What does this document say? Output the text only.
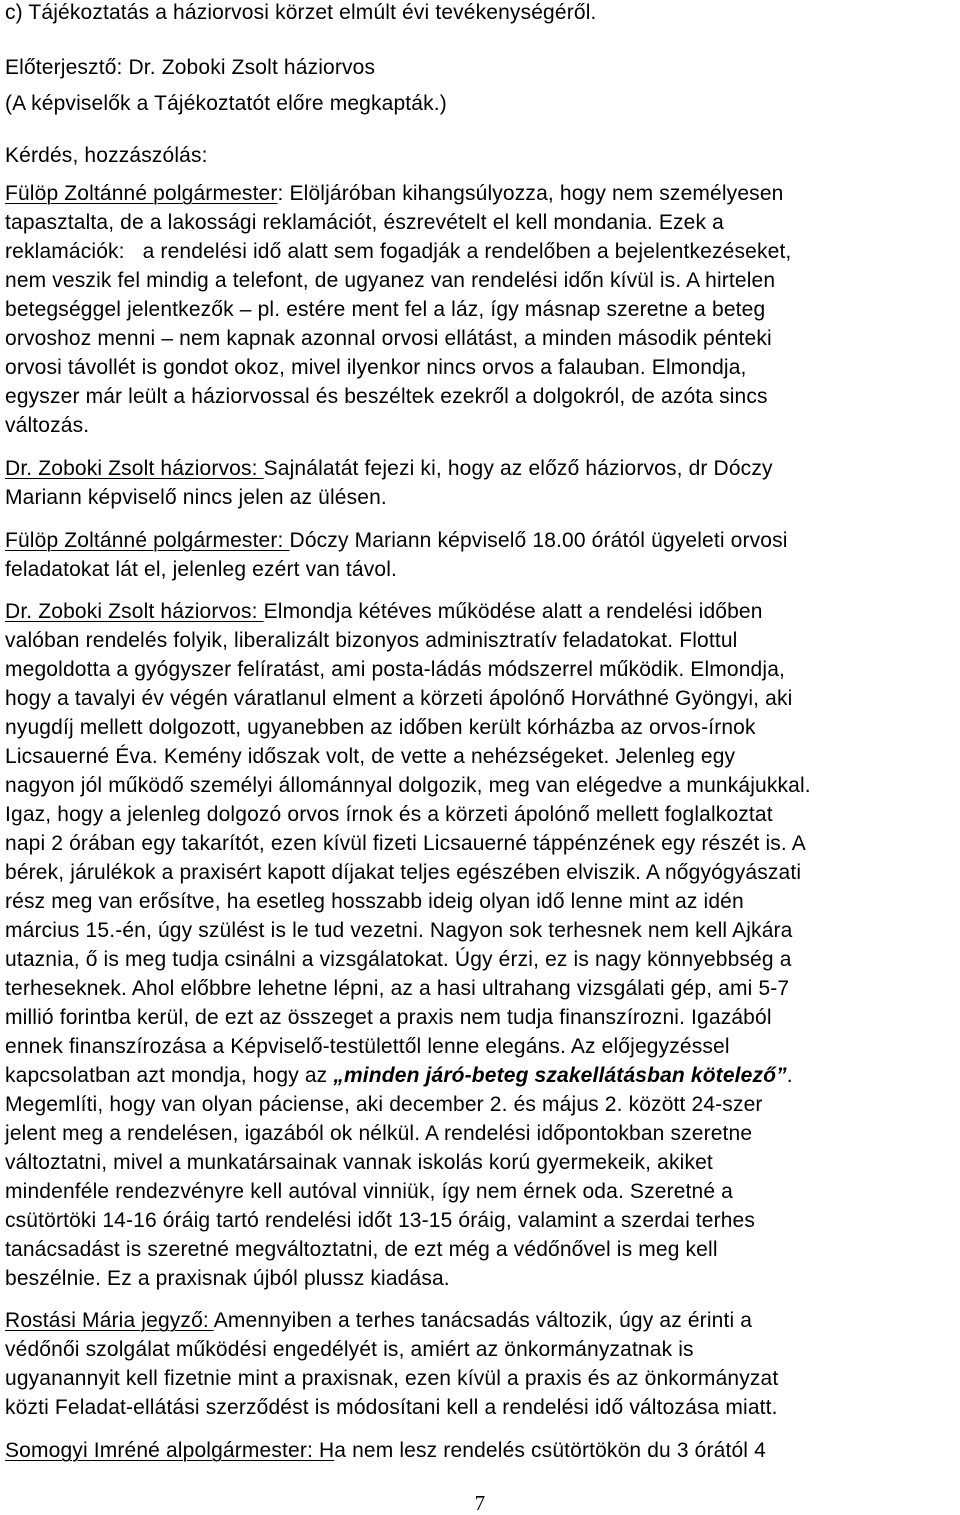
c) Tájékoztatás a háziorvosi körzet elmúlt évi tevékenységéről.
Előterjesztő: Dr. Zoboki Zsolt háziorvos
(A képviselők a Tájékoztatót előre megkapták.)
Kérdés, hozzászólás:
Fülöp Zoltánné polgármester: Elöljáróban kihangsúlyozza, hogy nem személyesen
tapasztalta, de a lakossági reklamációt, észrevételt el kell mondania. Ezek a
reklamációk:   a rendelési idő alatt sem fogadják a rendelőben a bejelentkezéseket,
nem veszik fel mindig a telefont, de ugyanez van rendelési időn kívül is. A hirtelen
betegséggel jelentkezők – pl. estére ment fel a láz, így másnap szeretne a beteg
orvoshoz menni – nem kapnak azonnal orvosi ellátást, a minden második pénteki
orvosi távollét is gondot okoz, mivel ilyenkor nincs orvos a falauban. Elmondja,
egyszer már leült a háziorvossal és beszéltek ezekről a dolgokról, de azóta sincs
változás.
Dr. Zoboki Zsolt háziorvos: Sajnálatát fejezi ki, hogy az előző háziorvos, dr Dóczy
Mariann képviselő nincs jelen az ülésen.
Fülöp Zoltánné polgármester: Dóczy Mariann képviselő 18.00 órától ügyeleti orvosi
feladatokat lát el, jelenleg ezért van távol.
Dr. Zoboki Zsolt háziorvos: Elmondja kétéves működése alatt a rendelési időben
valóban rendelés folyik, liberalizált bizonyos adminisztratív feladatokat. Flottul
megoldotta a gyógyszer felíratást, ami posta-ládás módszerrel működik. Elmondja,
hogy a tavalyi év végén váratlanul elment a körzeti ápolónő Horváthné Gyöngyi, aki
nyugdíj mellett dolgozott, ugyanebben az időben került kórházba az orvos-írnok
Licsauerné Éva. Kemény időszak volt, de vette a nehézségeket. Jelenleg egy
nagyon jól működő személyi állománnyal dolgozik, meg van elégedve a munkájukkal.
Igaz, hogy a jelenleg dolgozó orvos írnok és a körzeti ápolónő mellett foglalkoztat
napi 2 órában egy takarítót, ezen kívül fizeti Licsauerné táppénzének egy részét is. A
bérek, járulékok a praxisért kapott díjakat teljes egészében elviszik. A nőgyógyászati
rész meg van erősítve, ha esetleg hosszabb ideig olyan idő lenne mint az idén
március 15.-én, úgy szülést is le tud vezetni. Nagyon sok terhesnek nem kell Ajkára
utaznia, ő is meg tudja csinálni a vizsgálatokat. Úgy érzi, ez is nagy könnyebbség a
terheseknek. Ahol előbbre lehetne lépni, az a hasi ultrahang vizsgálati gép, ami 5-7
millió forintba kerül, de ezt az összeget a praxis nem tudja finanszírozni. Igazából
ennek finanszírozása a Képviselő-testülettől lenne elegáns. Az előjegyzéssel
kapcsolatban azt mondja, hogy az „minden járó-beteg szakellátásban kötelező”.
Megemlíti, hogy van olyan páciense, aki december 2. és május 2. között 24-szer
jelent meg a rendelésen, igazából ok nélkül. A rendelési időpontokban szeretne
változtatni, mivel a munkatársainak vannak iskolás korú gyermekeik, akiket
mindenféle rendezvényre kell autóval vinniük, így nem érnek oda. Szeretné a
csütörtöki 14-16 óráig tartó rendelési időt 13-15 óráig, valamint a szerdai terhes
tanácsadást is szeretné megváltoztatni, de ezt még a védőnővel is meg kell
beszélnie. Ez a praxisnak újból plussz kiadása.
Rostási Mária jegyző: Amennyiben a terhes tanácsadás változik, úgy az érinti a
védőnői szolgálat működési engedélyét is, amiért az önkormányzatnak is
ugyanannyit kell fizetnie mint a praxisnak, ezen kívül a praxis és az önkormányzat
közti Feladat-ellátási szerződést is módosítani kell a rendelési idő változása miatt.
Somogyi Imréné alpolgármester: Ha nem lesz rendelés csütörtökön du 3 órától 4
7
